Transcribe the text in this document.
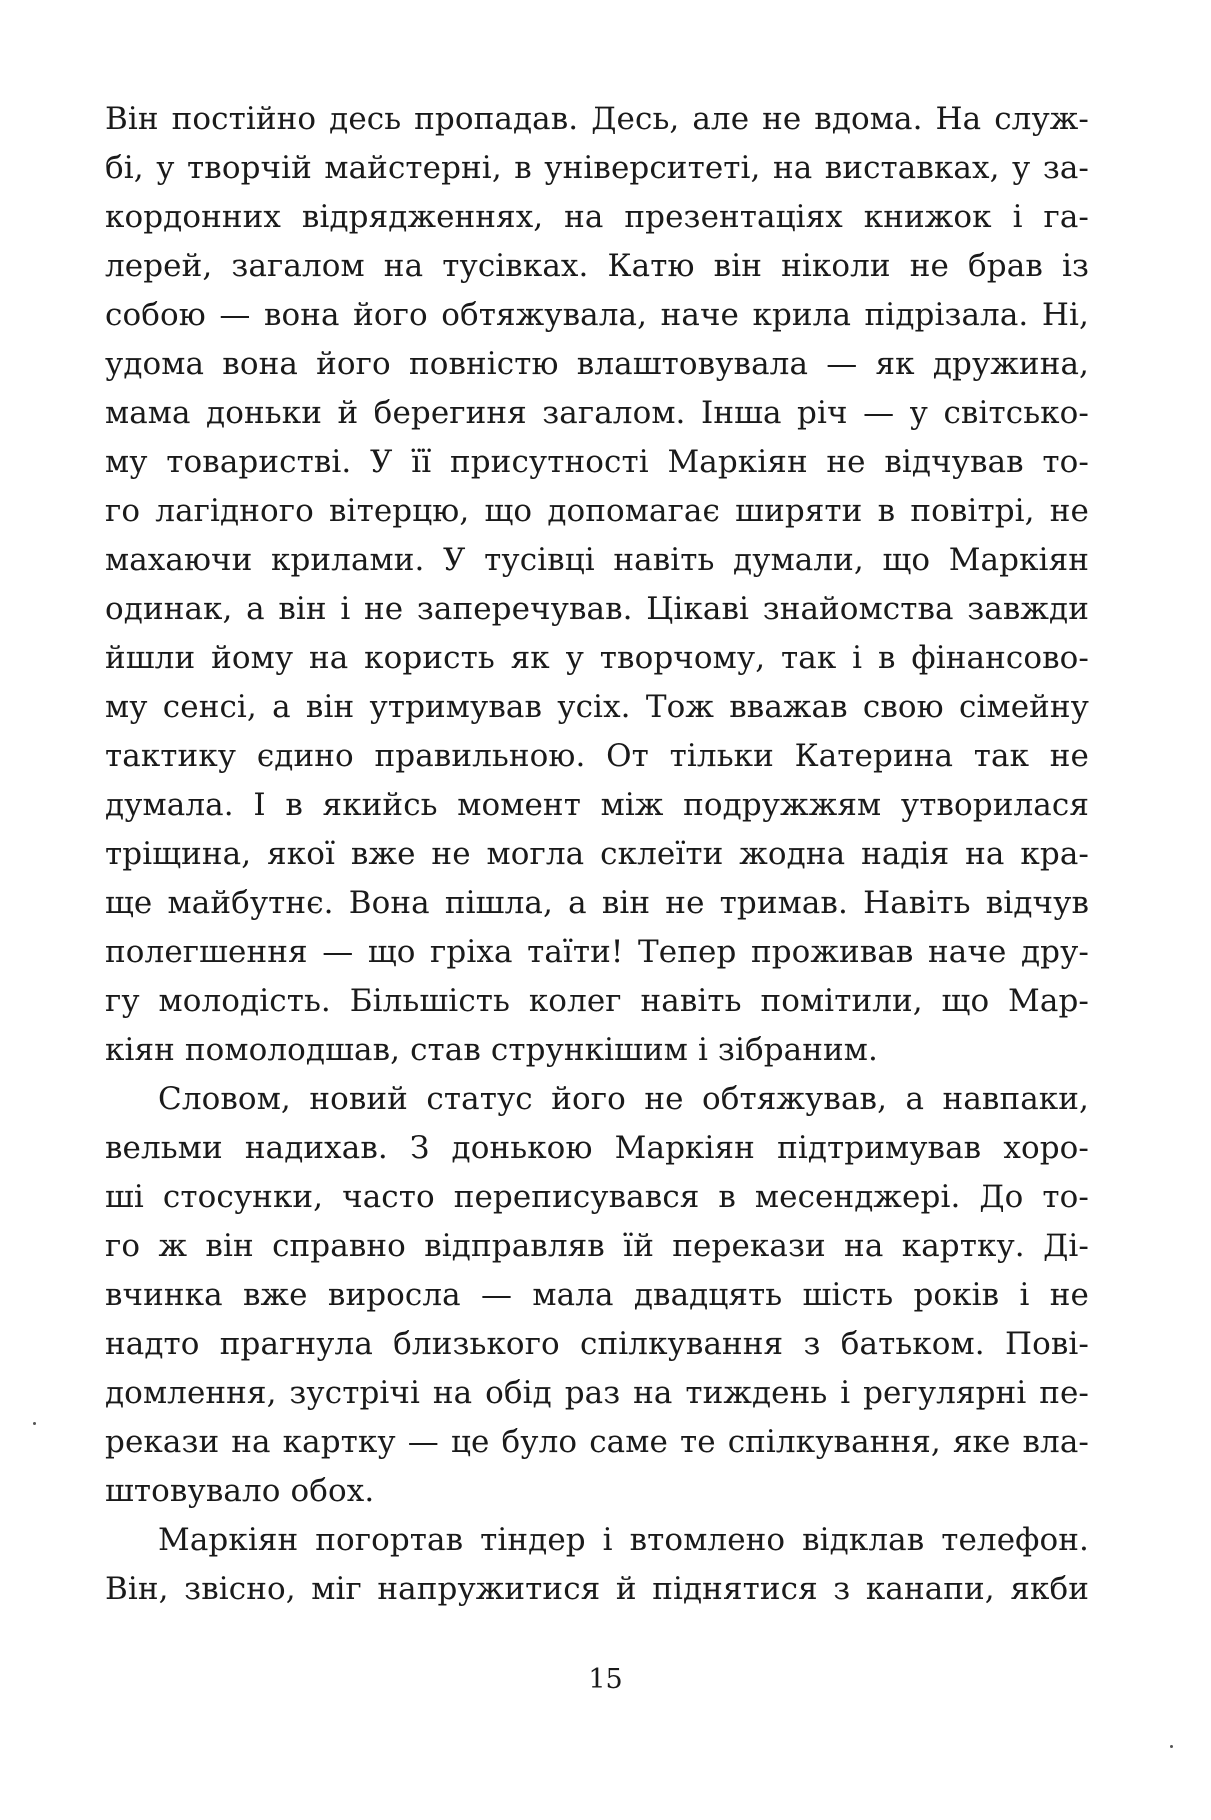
Він постійно десь пропадав. Десь, але не вдома. На служ-
бі, у творчій майстерні, в університеті, на виставках, у за-
кордонних відрядженнях, на презентаціях книжок і га-
лерей, загалом на тусівках. Катю він ніколи не брав із
собою — вона його обтяжувала, наче крила підрізала. Ні,
удома вона його повністю влаштовувала — як дружина,
мама доньки й берегиня загалом. Інша річ — у світсько-
му товаристві. У її присутності Маркіян не відчував то-
го лагідного вітерцю, що допомагає ширяти в повітрі, не
махаючи крилами. У тусівці навіть думали, що Маркіян
одинак, а він і не заперечував. Цікаві знайомства завжди
йшли йому на користь як у творчому, так і в фінансово-
му сенсі, а він утримував усіх. Тож вважав свою сімейну
тактику єдино правильною. От тільки Катерина так не
думала. І в якийсь момент між подружжям утворилася
тріщина, якої вже не могла склеїти жодна надія на кра-
ще майбутнє. Вона пішла, а він не тримав. Навіть відчув
полегшення — що гріха таїти! Тепер проживав наче дру-
гу молодість. Більшість колег навіть помітили, що Мар-
кіян помолодшав, став стрункішим і зібраним.
Словом, новий статус його не обтяжував, а навпаки,
вельми надихав. З донькою Маркіян підтримував хоро-
ші стосунки, часто переписувався в месенджері. До то-
го ж він справно відправляв їй перекази на картку. Ді-
вчинка вже виросла — мала двадцять шість років і не
надто прагнула близького спілкування з батьком. Пові-
домлення, зустрічі на обід раз на тиждень і регулярні пе-
рекази на картку — це було саме те спілкування, яке вла-
штовувало обох.
Маркіян погортав тіндер і втомлено відклав телефон.
Він, звісно, міг напружитися й піднятися з канапи, якби
15
